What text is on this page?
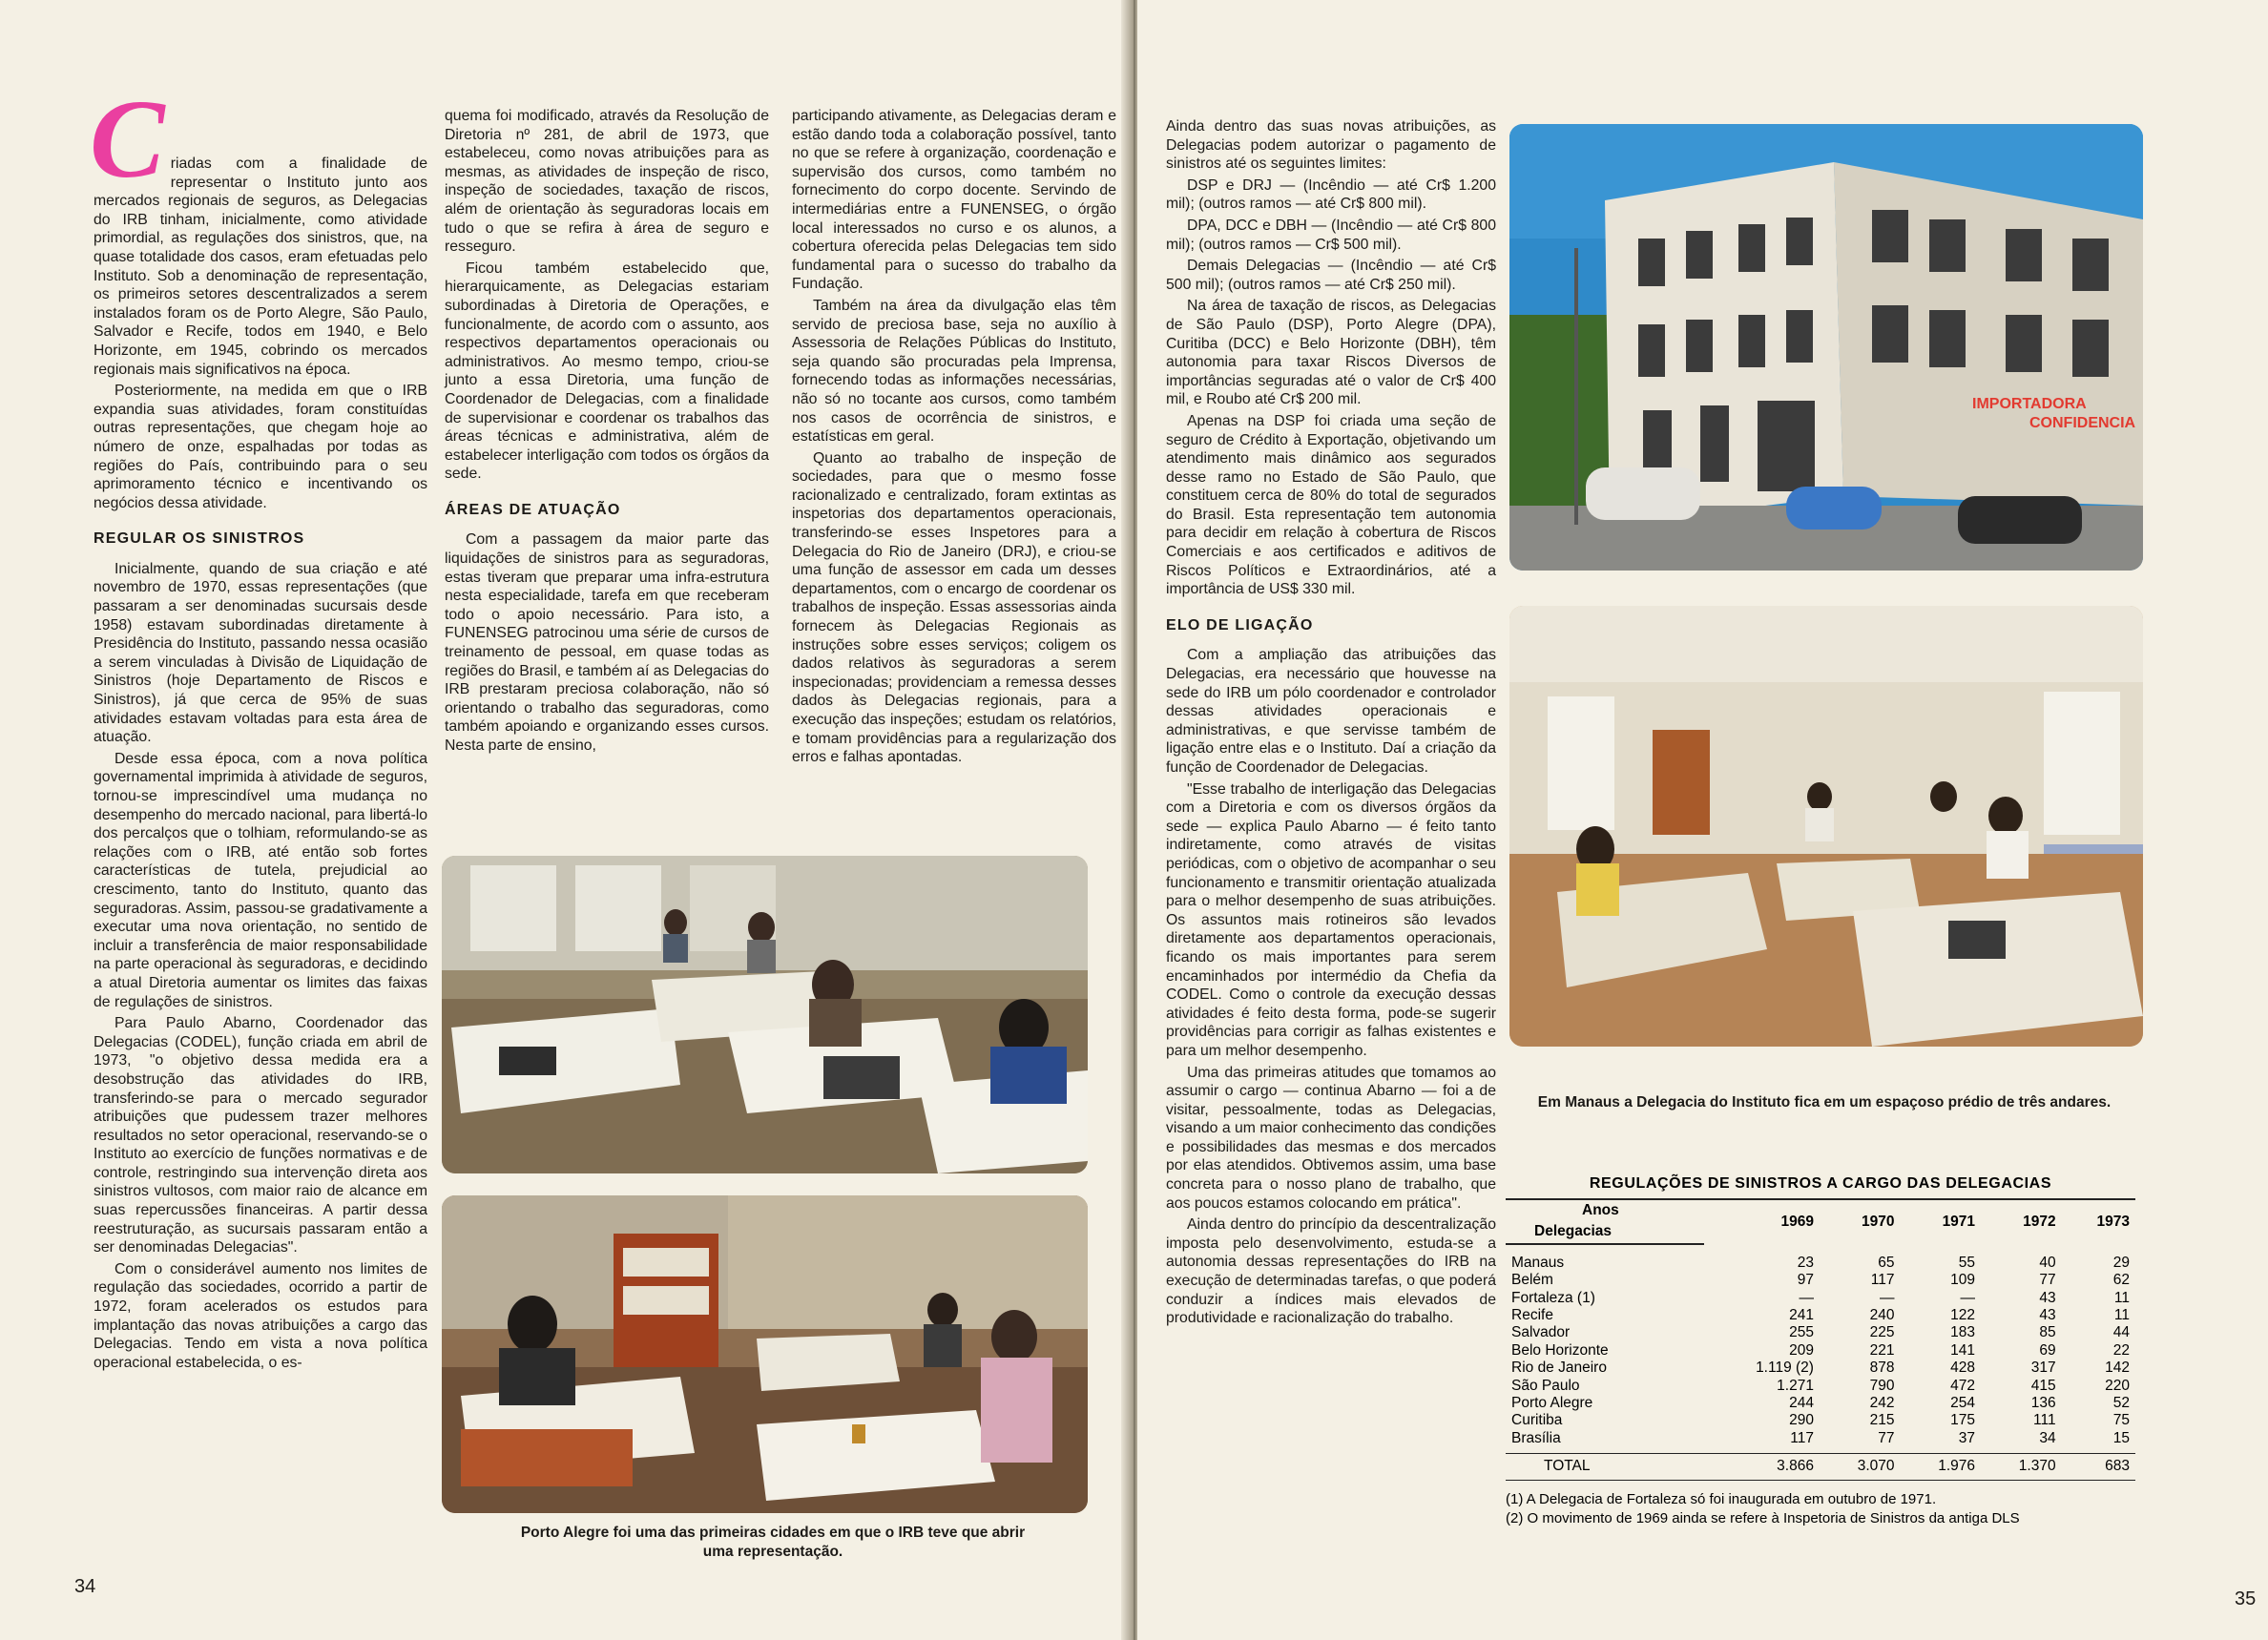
C riadas com a finalidade de representar o Instituto junto aos mercados regionais de seguros, as Delegacias do IRB tinham, inicialmente, como atividade primordial, as regulações dos sinistros, que, na quase totalidade dos casos, eram efetuadas pelo Instituto. Sob a denominação de representação, os primeiros setores descentralizados a serem instalados foram os de Porto Alegre, São Paulo, Salvador e Recife, todos em 1940, e Belo Horizonte, em 1945, cobrindo os mercados regionais mais significativos na época.

Posteriormente, na medida em que o IRB expandia suas atividades, foram constituídas outras representações, que chegam hoje ao número de onze, espalhadas por todas as regiões do País, contribuindo para o seu aprimoramento técnico e incentivando os negócios dessa atividade.

REGULAR OS SINISTROS

Inicialmente, quando de sua criação e até novembro de 1970, essas representações (que passaram a ser denominadas sucursais desde 1958) estavam subordinadas diretamente à Presidência do Instituto, passando nessa ocasião a serem vinculadas à Divisão de Liquidação de Sinistros (hoje Departamento de Riscos e Sinistros), já que cerca de 95% de suas atividades estavam voltadas para esta área de atuação.

Desde essa época, com a nova política governamental imprimida à atividade de seguros, tornou-se imprescindível uma mudança no desempenho do mercado nacional, para libertá-lo dos percalços que o tolhiam, reformulando-se as relações com o IRB, até então sob fortes características de tutela, prejudicial ao crescimento, tanto do Instituto, quanto das seguradoras. Assim, passou-se gradativamente a executar uma nova orientação, no sentido de incluir a transferência de maior responsabilidade na parte operacional às seguradoras, e decidindo a atual Diretoria aumentar os limites das faixas de regulações de sinistros.

Para Paulo Abarno, Coordenador das Delegacias (CODEL), função criada em abril de 1973, "o objetivo dessa medida era a desobstrução das atividades do IRB, transferindo-se para o mercado segurador atribuições que pudessem trazer melhores resultados no setor operacional, reservando-se o Instituto ao exercício de funções normativas e de controle, restringindo sua intervenção direta aos sinistros vultosos, com maior raio de alcance em suas repercussões financeiras. A partir dessa reestruturação, as sucursais passaram então a ser denominadas Delegacias".

Com o considerável aumento nos limites de regulação das sociedades, ocorrido a partir de 1972, foram acelerados os estudos para implantação das novas atribuições a cargo das Delegacias. Tendo em vista a nova política operacional estabelecida, o es-

quema foi modificado, através da Resolução de Diretoria nº 281, de abril de 1973, que estabeleceu, como novas atribuições para as mesmas, as atividades de inspeção de risco, inspeção de sociedades, taxação de riscos, além de orientação às seguradoras locais em tudo o que se refira à área de seguro e resseguro.

Ficou também estabelecido que, hierarquicamente, as Delegacias estariam subordinadas à Diretoria de Operações, e funcionalmente, de acordo com o assunto, aos respectivos departamentos operacionais ou administrativos. Ao mesmo tempo, criou-se junto a essa Diretoria, uma função de Coordenador de Delegacias, com a finalidade de supervisionar e coordenar os trabalhos das áreas técnicas e administrativa, além de estabelecer interligação com todos os órgãos da sede.

ÁREAS DE ATUAÇÃO

Com a passagem da maior parte das liquidações de sinistros para as seguradoras, estas tiveram que preparar uma infra-estrutura nesta especialidade, tarefa em que receberam todo o apoio necessário. Para isto, a FUNENSEG patrocinou uma série de cursos de treinamento de pessoal, em quase todas as regiões do Brasil, e também aí as Delegacias do IRB prestaram preciosa colaboração, não só orientando o trabalho das seguradoras, como também apoiando e organizando esses cursos. Nesta parte de ensino,

participando ativamente, as Delegacias deram e estão dando toda a colaboração possível, tanto no que se refere à organização, coordenação e supervisão dos cursos, como também no fornecimento do corpo docente. Servindo de intermediárias entre a FUNENSEG, o órgão local interessados no curso e os alunos, a cobertura oferecida pelas Delegacias tem sido fundamental para o sucesso do trabalho da Fundação.

Também na área da divulgação elas têm servido de preciosa base, seja no auxílio à Assessoria de Relações Públicas do Instituto, seja quando são procuradas pela Imprensa, fornecendo todas as informações necessárias, não só no tocante aos cursos, como também nos casos de ocorrência de sinistros, e estatísticas em geral.

Quanto ao trabalho de inspeção de sociedades, para que o mesmo fosse racionalizado e centralizado, foram extintas as inspetorias dos departamentos operacionais, transferindo-se esses Inspetores para a Delegacia do Rio de Janeiro (DRJ), e criou-se uma função de assessor em cada um desses departamentos, com o encargo de coordenar os trabalhos de inspeção. Essas assessorias ainda fornecem às Delegacias Regionais as instruções sobre esses serviços; coligem os dados relativos às seguradoras a serem inspecionadas; providenciam a remessa desses dados às Delegacias regionais, para a execução das inspeções; estudam os relatórios, e tomam providências para a regularização dos erros e falhas apontadas.

Porto Alegre foi uma das primeiras cidades em que o IRB teve que abrir uma representação.
34

Ainda dentro das suas novas atribuições, as Delegacias podem autorizar o pagamento de sinistros até os seguintes limites:

DSP e DRJ — (Incêndio — até Cr$ 1.200 mil); (outros ramos — até Cr$ 800 mil).

DPA, DCC e DBH — (Incêndio — até Cr$ 800 mil); (outros ramos — Cr$ 500 mil).

Demais Delegacias — (Incêndio — até Cr$ 500 mil); (outros ramos — até Cr$ 250 mil).

Na área de taxação de riscos, as Delegacias de São Paulo (DSP), Porto Alegre (DPA), Curitiba (DCC) e Belo Horizonte (DBH), têm autonomia para taxar Riscos Diversos de importâncias seguradas até o valor de Cr$ 400 mil, e Roubo até Cr$ 200 mil.

Apenas na DSP foi criada uma seção de seguro de Crédito à Exportação, objetivando um atendimento mais dinâmico aos segurados desse ramo no Estado de São Paulo, que constituem cerca de 80% do total de segurados do Brasil. Esta representação tem autonomia para decidir em relação à cobertura de Riscos Comerciais e aos certificados e aditivos de Riscos Políticos e Extraordinários, até a importância de US$ 330 mil.

ELO DE LIGAÇÃO

Com a ampliação das atribuições das Delegacias, era necessário que houvesse na sede do IRB um pólo coordenador e controlador dessas atividades operacionais e administrativas, e que servisse também de ligação entre elas e o Instituto. Daí a criação da função de Coordenador de Delegacias.

"Esse trabalho de interligação das Delegacias com a Diretoria e com os diversos órgãos da sede — explica Paulo Abarno — é feito tanto indiretamente, como através de visitas periódicas, com o objetivo de acompanhar o seu funcionamento e transmitir orientação atualizada para o melhor desempenho de suas atribuições. Os assuntos mais rotineiros são levados diretamente aos departamentos operacionais, ficando os mais importantes para serem encaminhados por intermédio da Chefia da CODEL. Como o controle da execução dessas atividades é feito desta forma, pode-se sugerir providências para corrigir as falhas existentes e para um melhor desempenho.

Uma das primeiras atitudes que tomamos ao assumir o cargo — continua Abarno — foi a de visitar, pessoalmente, todas as Delegacias, visando a um maior conhecimento das condições e possibilidades das mesmas e dos mercados por elas atendidos. Obtivemos assim, uma base concreta para o nosso plano de trabalho, que aos poucos estamos colocando em prática".

Ainda dentro do princípio da descentralização imposta pelo desenvolvimento, estuda-se a autonomia dessas representações do IRB na execução de determinadas tarefas, o que poderá conduzir a índices mais elevados de produtividade e racionalização do trabalho.

IMPORTADORA
CONFIDENCIA
Em Manaus a Delegacia do Instituto fica em um espaçoso prédio de três andares.
35
REGULAÇÕES DE SINISTROS A CARGO DAS DELEGACIAS
Anos	1969	1970	1971	1972	1973
Delegacias					

Manaus	23	65	55	40	29
Belém	97	117	109	77	62
Fortaleza (1)	—	—	—	43	11
Recife	241	240	122	43	11
Salvador	255	225	183	85	44
Belo Horizonte	209	221	141	69	22
Rio de Janeiro	1.119 (2)	878	428	317	142
São Paulo	1.271	790	472	415	220
Porto Alegre	244	242	254	136	52
Curitiba	290	215	175	111	75
Brasília	117	77	37	34	15

TOTAL	3.866	3.070	1.976	1.370	683
(1) A Delegacia de Fortaleza só foi inaugurada em outubro de 1971.
(2) O movimento de 1969 ainda se refere à Inspetoria de Sinistros da antiga DLS
